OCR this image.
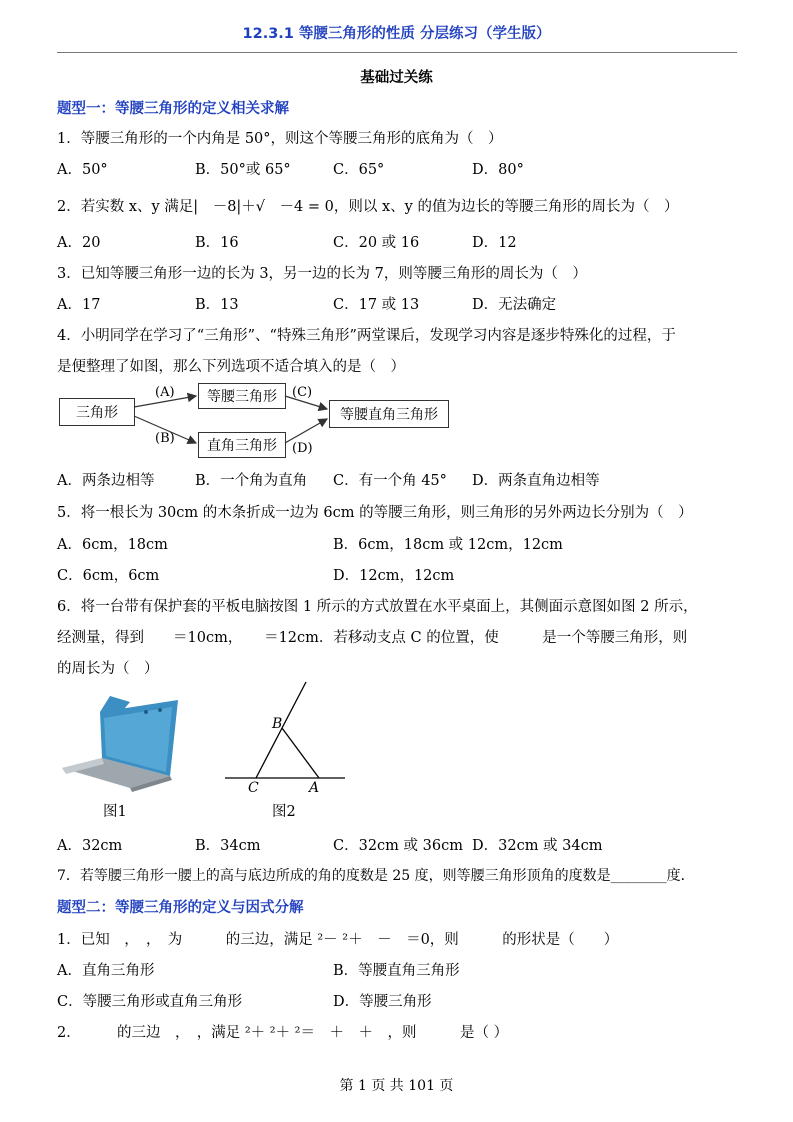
12.3.1 等腰三角形的性质 分层练习（学生版）
基础过关练
题型一：等腰三角形的定义相关求解
1．等腰三角形的一个内角是 50°，则这个等腰三角形的底角为（　）
A．50°	B．50°或 65°	C．65°	D．80°
2．若实数 x、y 满足|　－8|＋√　－4 = 0，则以 x、y 的值为边长的等腰三角形的周长为（　）
A．20	B．16	C．20 或 16	D．12
3．已知等腰三角形一边的长为 3，另一边的长为 7，则等腰三角形的周长为（　）
A．17	B．13	C．17 或 13	D．无法确定
4．小明同学在学习了“三角形”、“特殊三角形”两堂课后，发现学习内容是逐步特殊化的过程，于
是便整理了如图，那么下列选项不适合填入的是（　）
三角形
等腰三角形
直角三角形
等腰直角三角形
(A)
(B)
(C)
(D)
A．两条边相等	B．一个角为直角 C．有一个角 45° D．两条直角边相等
5．将一根长为 30cm 的木条折成一边为 6cm 的等腰三角形，则三角形的另外两边长分别为（　）
A．6cm，18cm	B．6cm，18cm 或 12cm，12cm
C．6cm，6cm	D．12cm，12cm
6．将一台带有保护套的平板电脑按图 1 所示的方式放置在水平桌面上，其侧面示意图如图 2 所示，
经测量，得到　　＝10cm，　　＝12cm．若移动支点 C 的位置，使　　　是一个等腰三角形，则
的周长为（　）
图1
B
C	A
图2
A．32cm	B．34cm	C．32cm 或 36cm D．32cm 或 34cm
7．若等腰三角形一腰上的高与底边所成的角的度数是 25 度，则等腰三角形顶角的度数是________度．
题型二：等腰三角形的定义与因式分解
1．已知　，　，　为　　　的三边，满足 ²－ ²＋　－　＝0，则　　　的形状是（　　）
A．直角三角形	B．等腰直角三角形
C．等腰三角形或直角三角形	D．等腰三角形
2．　　　的三边　，　，满足 ²＋ ²＋ ²＝　＋　＋　，则　　　是（ ）
第 1 页 共 101 页
